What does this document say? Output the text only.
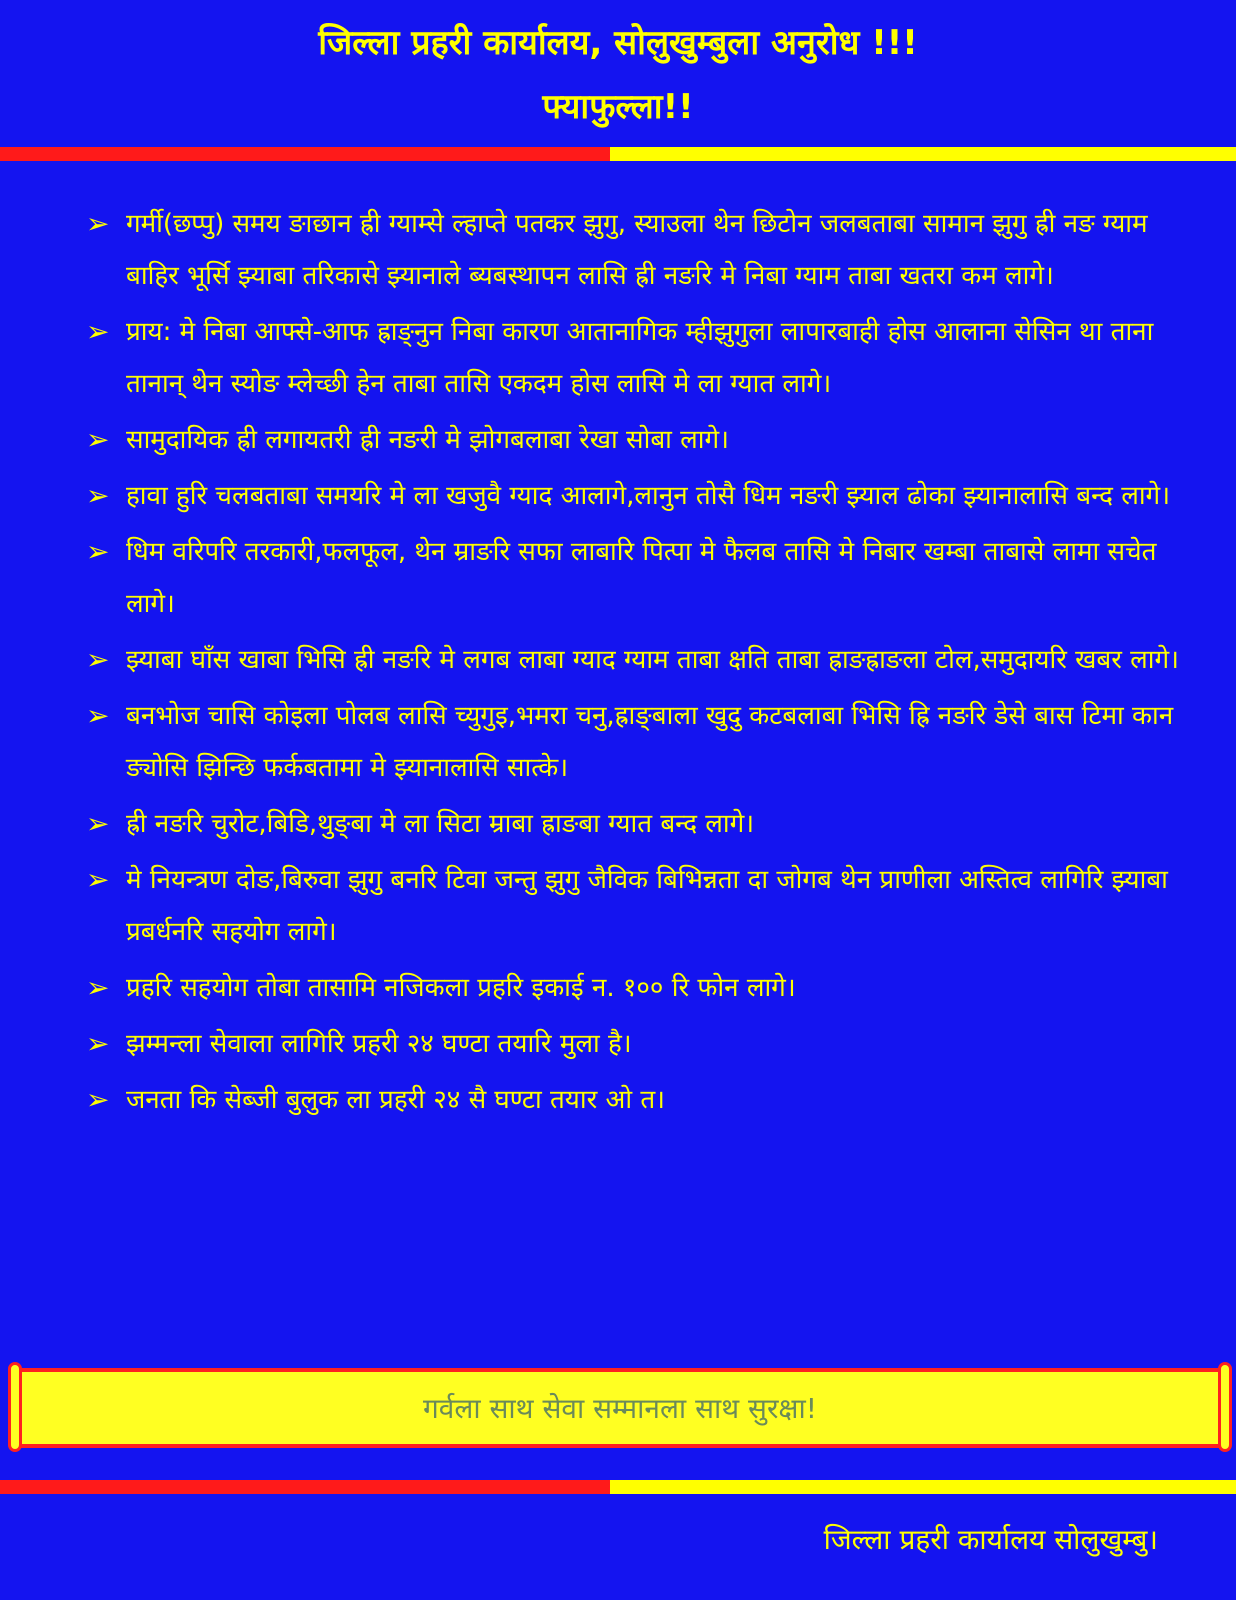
जिल्ला प्रहरी कार्यालय, सोलुखुम्बुला अनुरोध !!!
फ्याफुल्ला!!
➢ गर्मी(छप्पु) समय ङाछान ह्री ग्याम्से ल्हाप्ते पतकर झुगु, स्याउला थेन छिटोन जलबताबा सामान झुगु ह्री नङ ग्याम बाहिर भूर्सि झ्याबा तरिकासे झ्यानाले ब्यबस्थापन लासि ह्री नङरि मे निबा ग्याम ताबा खतरा कम लागे।
➢ प्राय: मे निबा आफ्से-आफ ह्राङ्नुन निबा कारण आतानागिक म्हीझुगुला लापारबाही होस आलाना सेसिन था ताना तानान् थेन स्योङ म्लेच्छी हेन ताबा तासि एकदम होस लासि मे ला ग्यात लागे।
➢ सामुदायिक ह्री लगायतरी ह्री नङरी मे झोगबलाबा रेखा सोबा लागे।
➢ हावा हुरि चलबताबा समयरि मे ला खजुवै ग्याद आलागे,लानुन तोसै धिम नङरी झ्याल ढोका झ्यानालासि बन्द लागे।
➢ धिम वरिपरि तरकारी,फलफूल, थेन म्राङरि सफा लाबारि पित्पा मे फैलब तासि मे निबार खम्बा ताबासे लामा सचेत लागे।
➢ झ्याबा घाँस खाबा भिसि ह्री नङरि मे लगब लाबा ग्याद ग्याम ताबा क्षति ताबा ह्राङह्राङला टोल,समुदायरि खबर लागे।
➢ बनभोज चासि कोइला पोलब लासि च्युगुइ,भमरा चनु,ह्राङ्बाला खुदु कटबलाबा भिसि ह्रि नङरि डेसे बास टिमा कान ङ्योसि झिन्छि फर्कबतामा मे झ्यानालासि सात्के।
➢ ह्री नङरि चुरोट,बिडि,थुङ्बा मे ला सिटा म्राबा ह्राङबा ग्यात बन्द लागे।
➢ मे नियन्त्रण दोङ,बिरुवा झुगु बनरि टिवा जन्तु झुगु जैविक बिभिन्नता दा जोगब थेन प्राणीला अस्तित्व लागिरि झ्याबा प्रबर्धनरि सहयोग लागे।
➢ प्रहरि सहयोग तोबा तासामि नजिकला प्रहरि इकाई न. १०० रि फोन लागे।
➢ झम्मन्ला सेवाला लागिरि प्रहरी २४ घण्टा तयारि मुला है।
➢ जनता कि सेब्जी बुलुक ला प्रहरी २४ सै घण्टा तयार ओ त।
गर्वला साथ सेवा सम्मानला साथ सुरक्षा!
जिल्ला प्रहरी कार्यालय सोलुखुम्बु।
